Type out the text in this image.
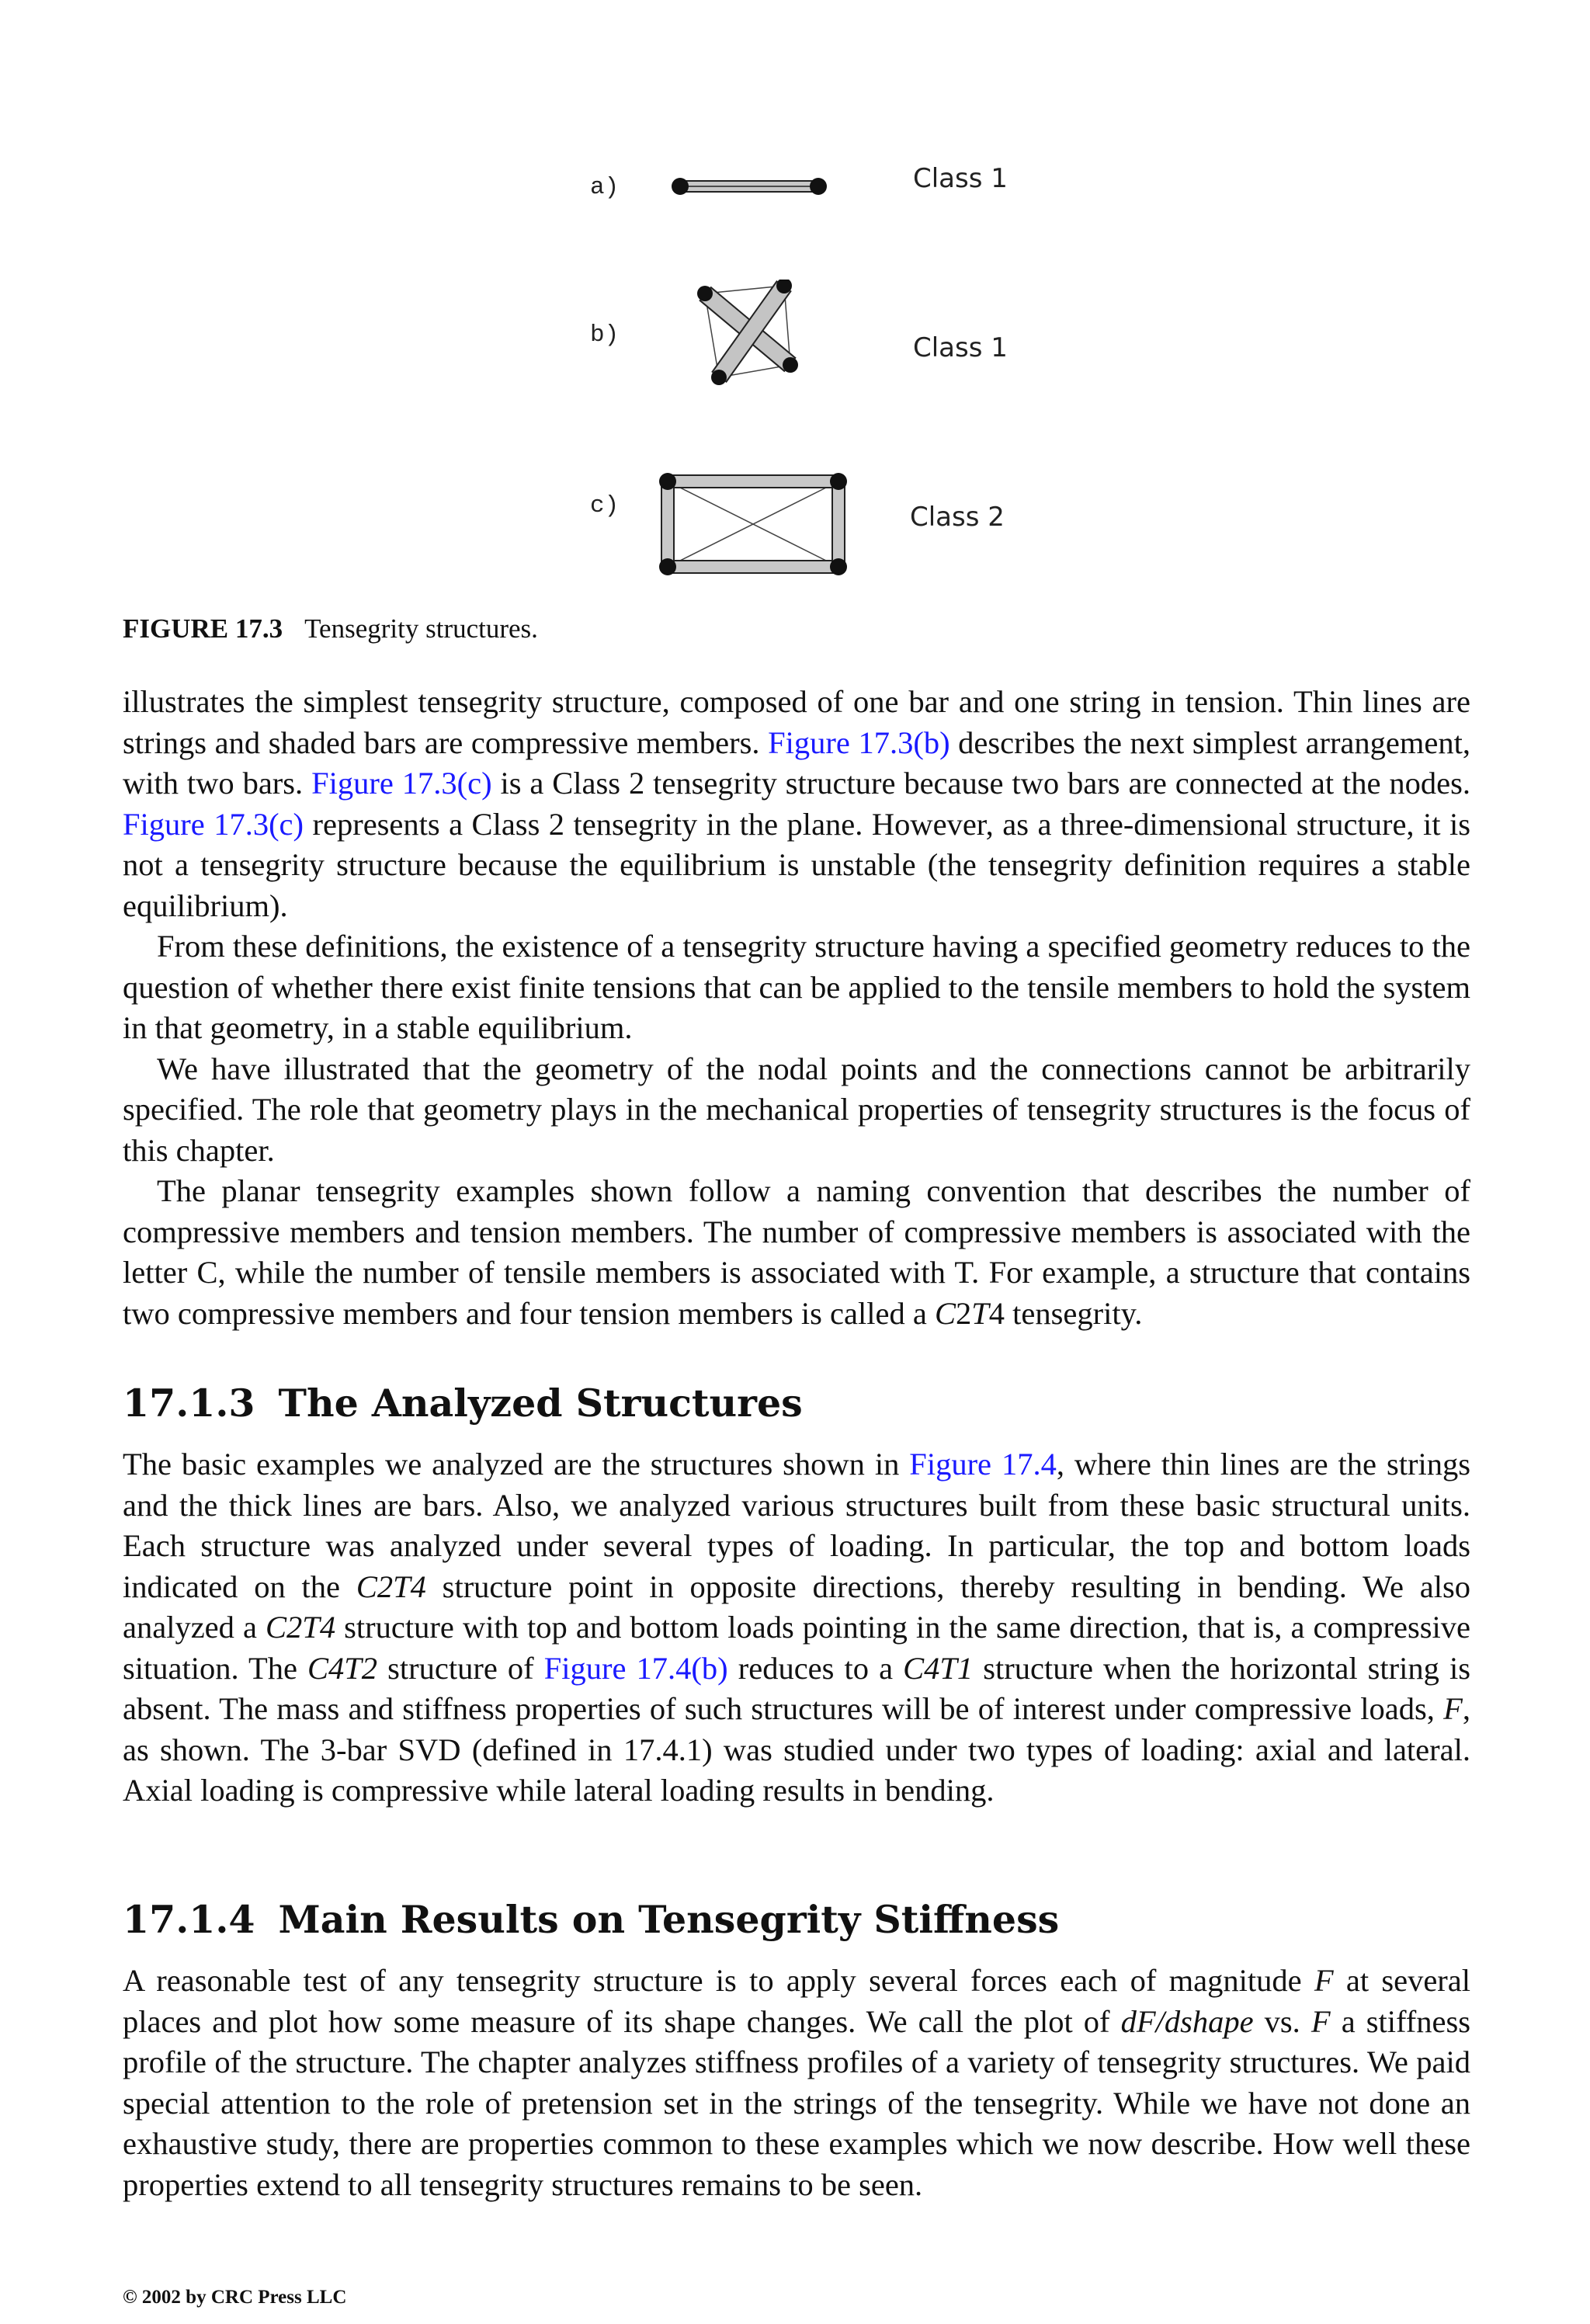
a)	Class 1
b)	Class 1
c)	Class 2
FIGURE 17.3 Tensegrity structures.

illustrates the simplest tensegrity structure, composed of one bar and one string in tension. Thin lines are strings and shaded bars are compressive members. Figure 17.3(b) describes the next simplest arrangement, with two bars. Figure 17.3(c) is a Class 2 tensegrity structure because two bars are connected at the nodes. Figure 17.3(c) represents a Class 2 tensegrity in the plane. However, as a three-dimensional structure, it is not a tensegrity structure because the equilibrium is unstable (the tensegrity definition requires a stable equilibrium).

From these definitions, the existence of a tensegrity structure having a specified geometry reduces to the question of whether there exist finite tensions that can be applied to the tensile members to hold the system in that geometry, in a stable equilibrium.

We have illustrated that the geometry of the nodal points and the connections cannot be arbitrarily specified. The role that geometry plays in the mechanical properties of tensegrity structures is the focus of this chapter.

The planar tensegrity examples shown follow a naming convention that describes the number of compressive members and tension members. The number of compressive members is associated with the letter C, while the number of tensile members is associated with T. For example, a structure that contains two compressive members and four tension members is called a C2T4 tensegrity.

17.1.3 The Analyzed Structures

The basic examples we analyzed are the structures shown in Figure 17.4, where thin lines are the strings and the thick lines are bars. Also, we analyzed various structures built from these basic structural units. Each structure was analyzed under several types of loading. In particular, the top and bottom loads indicated on the C2T4 structure point in opposite directions, thereby resulting in bending. We also analyzed a C2T4 structure with top and bottom loads pointing in the same direction, that is, a compressive situation. The C4T2 structure of Figure 17.4(b) reduces to a C4T1 structure when the horizontal string is absent. The mass and stiffness properties of such structures will be of interest under compressive loads, F, as shown. The 3-bar SVD (defined in 17.4.1) was studied under two types of loading: axial and lateral. Axial loading is compressive while lateral loading results in bending.

17.1.4 Main Results on Tensegrity Stiffness

A reasonable test of any tensegrity structure is to apply several forces each of magnitude F at several places and plot how some measure of its shape changes. We call the plot of dF/dshape vs. F a stiffness profile of the structure. The chapter analyzes stiffness profiles of a variety of tensegrity structures. We paid special attention to the role of pretension set in the strings of the tensegrity. While we have not done an exhaustive study, there are properties common to these examples which we now describe. How well these properties extend to all tensegrity structures remains to be seen.

© 2002 by CRC Press LLC
